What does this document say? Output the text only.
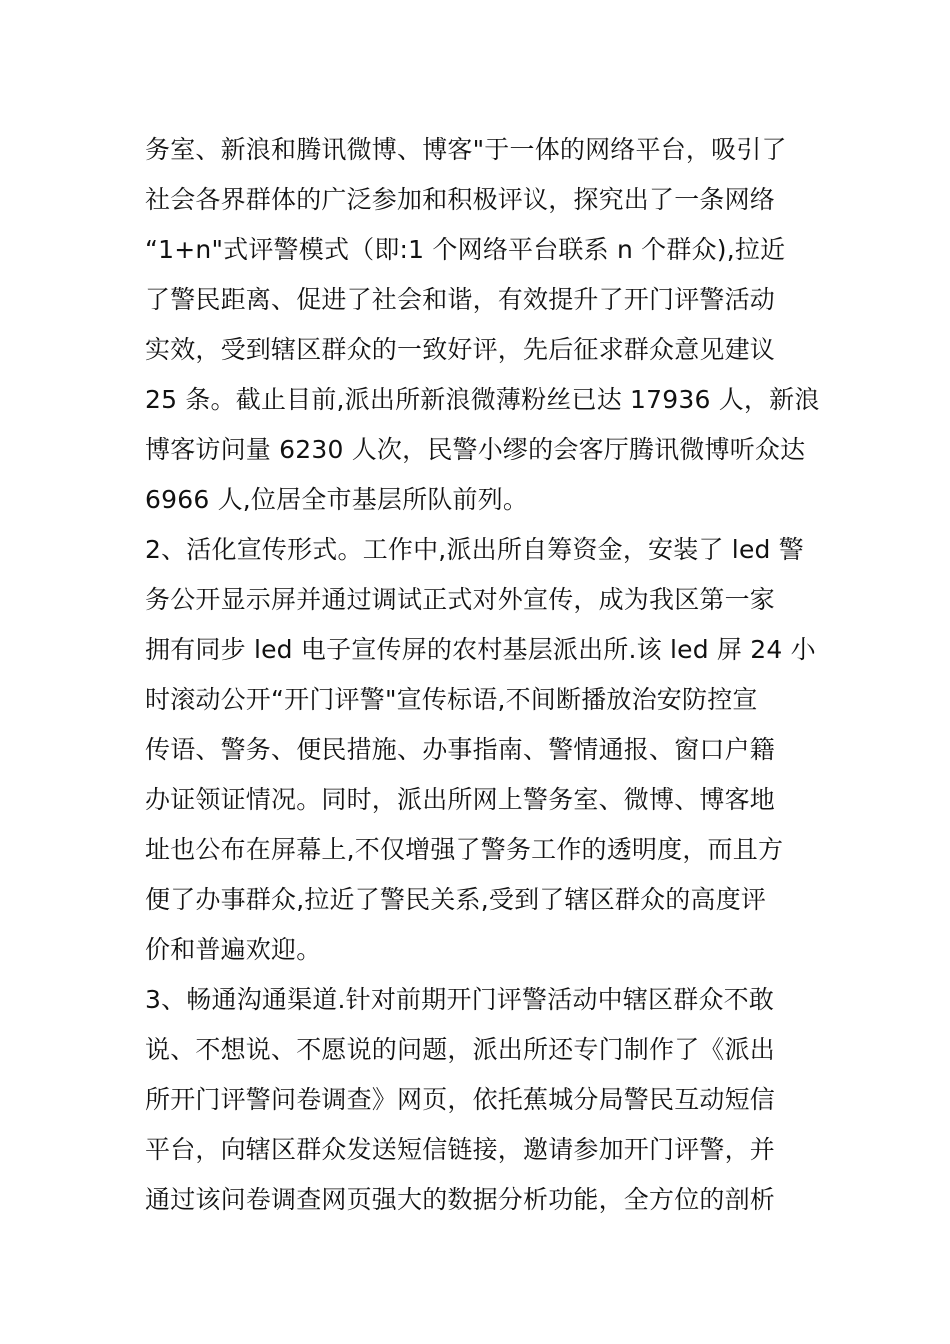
务室、新浪和腾讯微博、博客"于一体的网络平台，吸引了
社会各界群体的广泛参加和积极评议，探究出了一条网络
“1+n"式评警模式（即:1 个网络平台联系 n 个群众),拉近
了警民距离、促进了社会和谐，有效提升了开门评警活动
实效，受到辖区群众的一致好评，先后征求群众意见建议
25 条。截止目前,派出所新浪微薄粉丝已达 17936 人，新浪
博客访问量 6230 人次，民警小缪的会客厅腾讯微博听众达
6966 人,位居全市基层所队前列。
2、活化宣传形式。工作中,派出所自筹资金，安装了 led 警
务公开显示屏并通过调试正式对外宣传，成为我区第一家
拥有同步 led 电子宣传屏的农村基层派出所.该 led 屏 24 小
时滚动公开“开门评警"宣传标语,不间断播放治安防控宣
传语、警务、便民措施、办事指南、警情通报、窗口户籍
办证领证情况。同时，派出所网上警务室、微博、博客地
址也公布在屏幕上,不仅增强了警务工作的透明度，而且方
便了办事群众,拉近了警民关系,受到了辖区群众的高度评
价和普遍欢迎。
3、畅通沟通渠道.针对前期开门评警活动中辖区群众不敢
说、不想说、不愿说的问题，派出所还专门制作了《派出
所开门评警问卷调查》网页，依托蕉城分局警民互动短信
平台，向辖区群众发送短信链接，邀请参加开门评警，并
通过该问卷调查网页强大的数据分析功能，全方位的剖析
